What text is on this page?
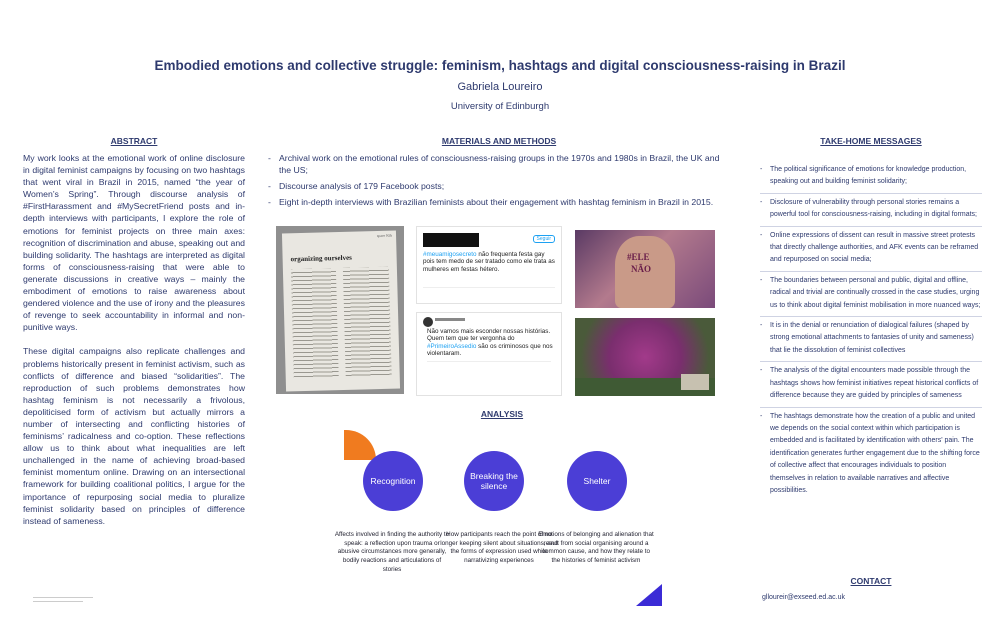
Embodied emotions and collective struggle: feminism, hashtags and digital consciousness-raising in Brazil
Gabriela Loureiro
University of Edinburgh
ABSTRACT

My work looks at the emotional work of online disclosure in digital feminist campaigns by focusing on two hashtags that went viral in Brazil in 2015, named “the year of Women’s Spring”. Through discourse analysis of #FirstHarassment and #MySecretFriend posts and in-depth interviews with participants, I explore the role of emotions for feminist projects on three main axes: recognition of discrimination and abuse, speaking out and building solidarity. The hashtags are interpreted as digital forms of consciousness-raising that were able to generate discussions in creative ways – mainly the embodiment of emotions to raise awareness about gendered violence and the use of irony and the pleasures of revenge to seek accountability in informal and non-punitive ways.

These digital campaigns also replicate challenges and problems historically present in feminist activism, such as conflicts of difference and biased “solidarities”. The reproduction of such problems demonstrates how hashtag feminism is not necessarily a frivolous, depoliticised form of activism but actually mirrors a number of intersecting and conflicting histories of feminisms’ radicalness and co-option. These reflections allow us to think about what inequalities are left unchallenged in the name of achieving broad-based feminist momentum online. Drawing on an intersectional framework for building coalitional politics, I argue for the importance of repurposing social media to pluralize feminist solidarity based on principles of difference instead of sameness.

MATERIALS AND METHODS
- Archival work on the emotional rules of consciousness-raising groups in the 1970s and 1980s in Brazil, the UK and the US;
- Discourse analysis of 179 Facebook posts;
- Eight in-depth interviews with Brazilian feminists about their engagement with hashtag feminism in Brazil in 2015.
spare Rib
organizing ourselves
Seguir
#meuamigosecreto não frequenta festa gay pois tem medo de ser tratado como ele trata as mulheres em festas hétero.
Não vamos mais esconder nossas histórias. Quem tem que ter vergonha do #PrimeiroAssedio são os criminosos que nos violentaram.
#ELE
NÃO
ANALYSIS
Recognition	Breaking the silence	Shelter
Affects involved in finding the authority to speak: a reflection upon trauma or abusive circumstances more generally, bodily reactions and articulations of stories
How participants reach the point of no longer keeping silent about situations, and the forms of expression used while narrativizing experiences
Emotions of belonging and alienation that result from social organising around a common cause, and how they relate to the histories of feminist activism
TAKE-HOME MESSAGES
- The political significance of emotions for knowledge production, speaking out and building feminist solidarity;
- Disclosure of vulnerability through personal stories remains a powerful tool for consciousness-raising, including in digital formats;
- Online expressions of dissent can result in massive street protests that directly challenge authorities, and AFK events can be reframed and repurposed on social media;
- The boundaries between personal and public, digital and offline, radical and trivial are continually crossed in the case studies, urging us to think about digital feminist mobilisation in more nuanced ways;
- It is in the denial or renunciation of dialogical failures (shaped by strong emotional attachments to fantasies of unity and sameness) that lie the dissolution of feminist collectives
- The analysis of the digital encounters made possible through the hashtags shows how feminist initiatives repeat historical conflicts of difference because they are guided by principles of sameness
- The hashtags demonstrate how the creation of a public and united we depends on the social context within which participation is embedded and is facilitated by identification with others' pain. The identification generates further engagement due to the shifting force of collective affect that encourages individuals to position themselves in relation to available narratives and affective possibilities.
CONTACT
glloureir@exseed.ed.ac.uk
